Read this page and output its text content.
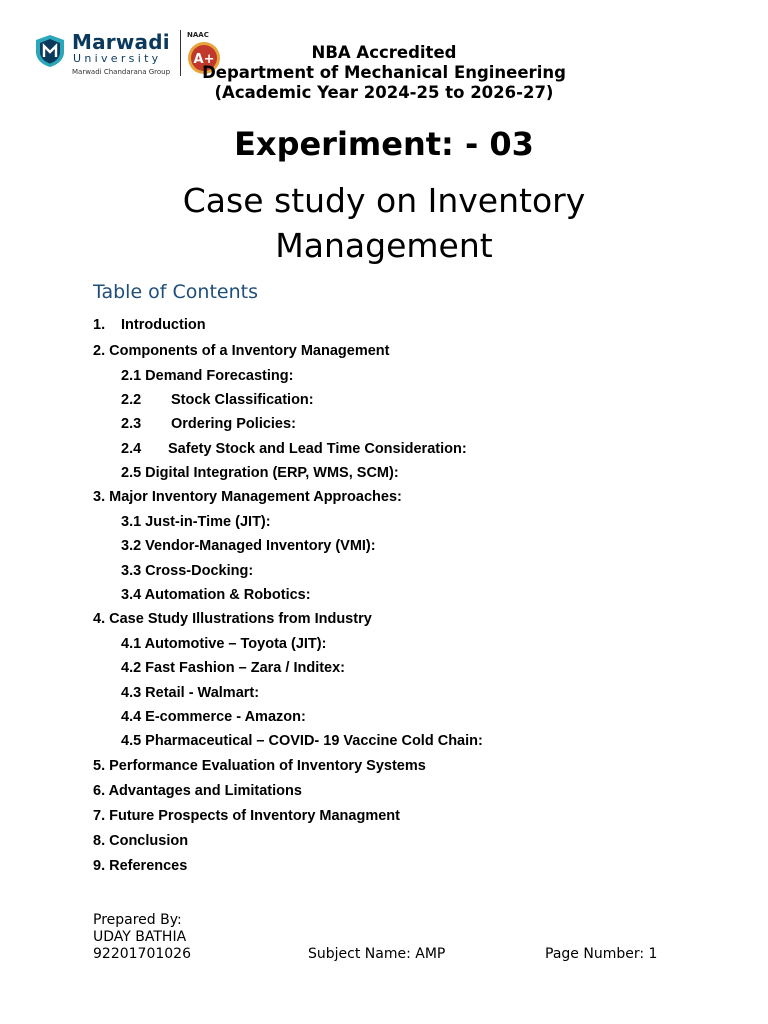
Marwadi
University
Marwadi Chandarana Group
NAAC
A+	NBA Accredited
Department of Mechanical Engineering
(Academic Year 2024-25 to 2026-27)
Experiment: - 03
Case study on Inventory Management
Table of Contents
1. Introduction
2. Components of a Inventory Management
2.1 Demand Forecasting:
2.2 Stock Classification:
2.3 Ordering Policies:
2.4 Safety Stock and Lead Time Consideration:
2.5 Digital Integration (ERP, WMS, SCM):
3. Major Inventory Management Approaches:
3.1 Just-in-Time (JIT):
3.2 Vendor-Managed Inventory (VMI):
3.3 Cross-Docking:
3.4 Automation & Robotics:
4. Case Study Illustrations from Industry
4.1 Automotive – Toyota (JIT):
4.2 Fast Fashion – Zara / Inditex:
4.3 Retail - Walmart:
4.4 E-commerce - Amazon:
4.5 Pharmaceutical – COVID- 19 Vaccine Cold Chain:
5. Performance Evaluation of Inventory Systems
6. Advantages and Limitations
7. Future Prospects of Inventory Managment
8. Conclusion
9. References
Prepared By:
UDAY BATHIA
92201701026	Subject Name: AMP	Page Number: 1
